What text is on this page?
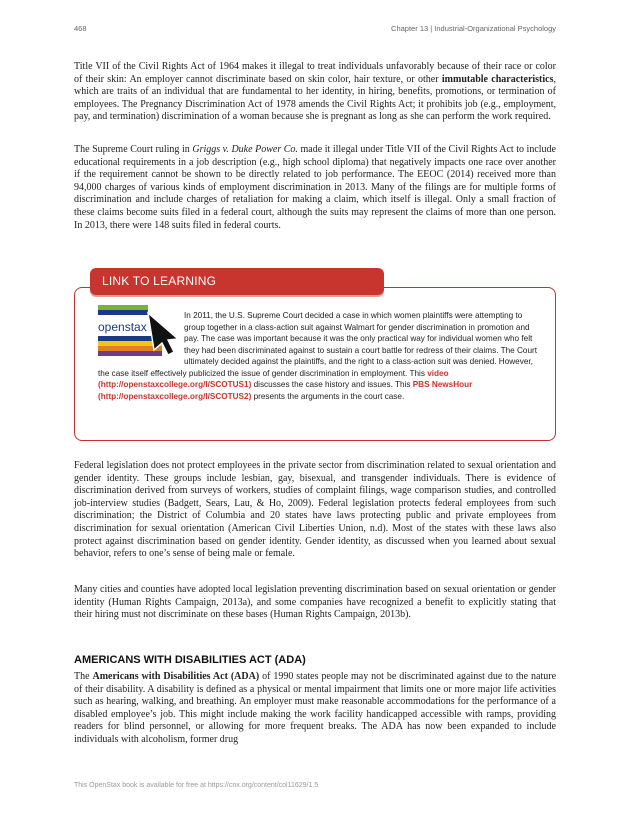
468	Chapter 13 | Industrial-Organizational Psychology

Title VII of the Civil Rights Act of 1964 makes it illegal to treat individuals unfavorably because of their race or color of their skin: An employer cannot discriminate based on skin color, hair texture, or other immutable characteristics, which are traits of an individual that are fundamental to her identity, in hiring, benefits, promotions, or termination of employees. The Pregnancy Discrimination Act of 1978 amends the Civil Rights Act; it prohibits job (e.g., employment, pay, and termination) discrimination of a woman because she is pregnant as long as she can perform the work required.

The Supreme Court ruling in Griggs v. Duke Power Co. made it illegal under Title VII of the Civil Rights Act to include educational requirements in a job description (e.g., high school diploma) that negatively impacts one race over another if the requirement cannot be shown to be directly related to job performance. The EEOC (2014) received more than 94,000 charges of various kinds of employment discrimination in 2013. Many of the filings are for multiple forms of discrimination and include charges of retaliation for making a claim, which itself is illegal. Only a small fraction of these claims become suits filed in a federal court, although the suits may represent the claims of more than one person. In 2013, there were 148 suits filed in federal courts.

LINK TO LEARNING
openstax

In 2011, the U.S. Supreme Court decided a case in which women plaintiffs were attempting to group together in a class-action suit against Walmart for gender discrimination in promotion and pay. The case was important because it was the only practical way for individual women who felt they had been discriminated against to sustain a court battle for redress of their claims. The Court ultimately decided against the plaintiffs, and the right to a class-action suit was denied. However, the case itself effectively publicized the issue of gender discrimination in employment. This video (http://openstaxcollege.org/l/SCOTUS1) discusses the case history and issues. This PBS NewsHour (http://openstaxcollege.org/l/SCOTUS2) presents the arguments in the court case.

Federal legislation does not protect employees in the private sector from discrimination related to sexual orientation and gender identity. These groups include lesbian, gay, bisexual, and transgender individuals. There is evidence of discrimination derived from surveys of workers, studies of complaint filings, wage comparison studies, and controlled job-interview studies (Badgett, Sears, Lau, & Ho, 2009). Federal legislation protects federal employees from such discrimination; the District of Columbia and 20 states have laws protecting public and private employees from discrimination for sexual orientation (American Civil Liberties Union, n.d). Most of the states with these laws also protect against discrimination based on gender identity. Gender identity, as discussed when you learned about sexual behavior, refers to one’s sense of being male or female.

Many cities and counties have adopted local legislation preventing discrimination based on sexual orientation or gender identity (Human Rights Campaign, 2013a), and some companies have recognized a benefit to explicitly stating that their hiring must not discriminate on these bases (Human Rights Campaign, 2013b).

AMERICANS WITH DISABILITIES ACT (ADA)

The Americans with Disabilities Act (ADA) of 1990 states people may not be discriminated against due to the nature of their disability. A disability is defined as a physical or mental impairment that limits one or more major life activities such as hearing, walking, and breathing. An employer must make reasonable accommodations for the performance of a disabled employee’s job. This might include making the work facility handicapped accessible with ramps, providing readers for blind personnel, or allowing for more frequent breaks. The ADA has now been expanded to include individuals with alcoholism, former drug

This OpenStax book is available for free at https://cnx.org/content/col11629/1.5
